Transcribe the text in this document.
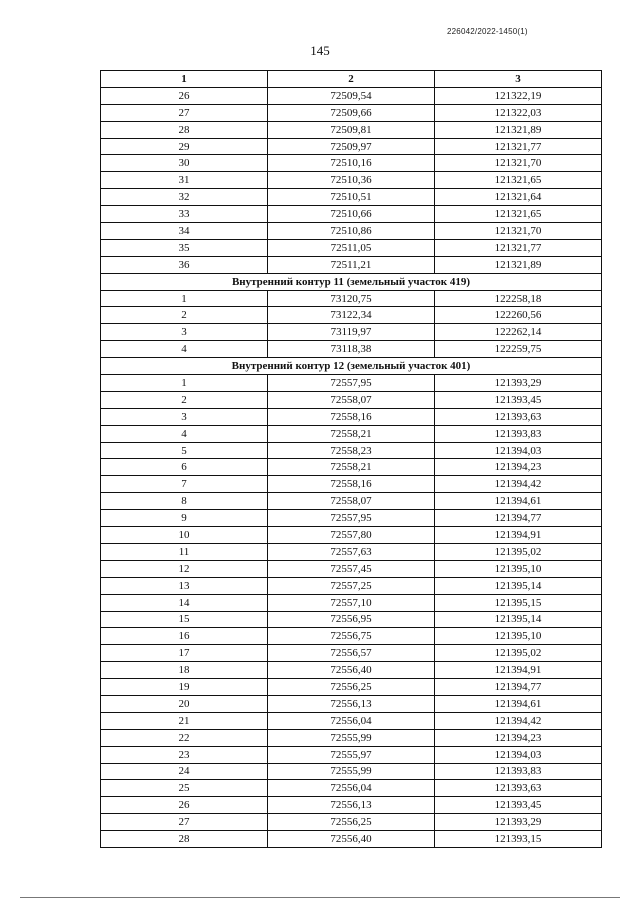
226042/2022-1450(1)
145
1	2	3
26	72509,54	121322,19
27	72509,66	121322,03
28	72509,81	121321,89
29	72509,97	121321,77
30	72510,16	121321,70
31	72510,36	121321,65
32	72510,51	121321,64
33	72510,66	121321,65
34	72510,86	121321,70
35	72511,05	121321,77
36	72511,21	121321,89
Внутренний контур 11 (земельный участок 419)		
1	73120,75	122258,18
2	73122,34	122260,56
3	73119,97	122262,14
4	73118,38	122259,75
Внутренний контур 12 (земельный участок 401)		
1	72557,95	121393,29
2	72558,07	121393,45
3	72558,16	121393,63
4	72558,21	121393,83
5	72558,23	121394,03
6	72558,21	121394,23
7	72558,16	121394,42
8	72558,07	121394,61
9	72557,95	121394,77
10	72557,80	121394,91
11	72557,63	121395,02
12	72557,45	121395,10
13	72557,25	121395,14
14	72557,10	121395,15
15	72556,95	121395,14
16	72556,75	121395,10
17	72556,57	121395,02
18	72556,40	121394,91
19	72556,25	121394,77
20	72556,13	121394,61
21	72556,04	121394,42
22	72555,99	121394,23
23	72555,97	121394,03
24	72555,99	121393,83
25	72556,04	121393,63
26	72556,13	121393,45
27	72556,25	121393,29
28	72556,40	121393,15
